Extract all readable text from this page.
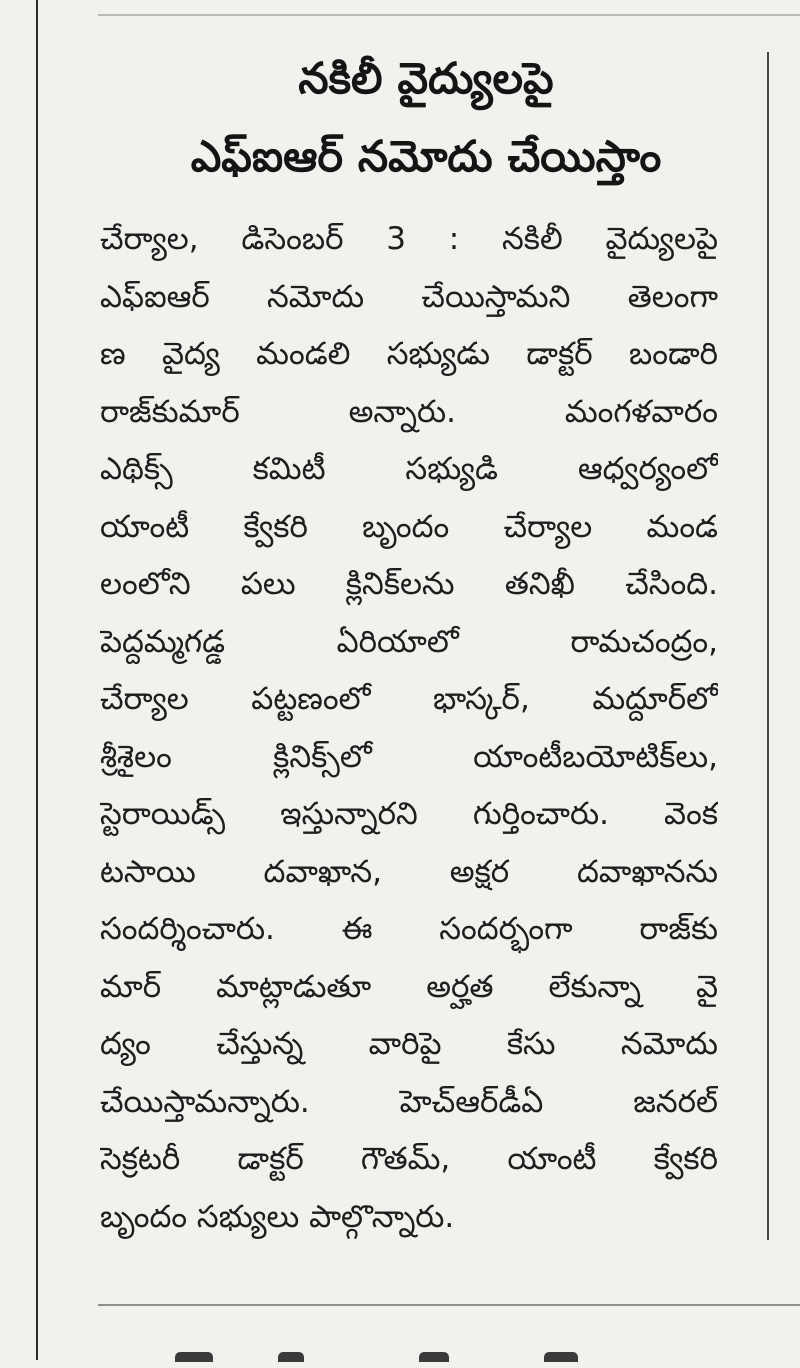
నకిలీ వైద్యులపై
ఎఫ్ఐఆర్ నమోదు చేయిస్తాం
చేర్యాల, డిసెంబర్ 3 : నకిలీ వైద్యులపై
ఎఫ్ఐఆర్ నమోదు చేయిస్తామని తెలంగా
ణ వైద్య మండలి సభ్యుడు డాక్టర్ బండారి
రాజ్‌కుమార్ అన్నారు. మంగళవారం
ఎథిక్స్ కమిటీ సభ్యుడి ఆధ్వర్యంలో
యాంటీ క్వేకరి బృందం చేర్యాల మండ
లంలోని పలు క్లినిక్‌లను తనిఖీ చేసింది.
పెద్దమ్మగడ్డ ఏరియాలో రామచంద్రం,
చేర్యాల పట్టణంలో భాస్కర్, మద్దూర్‌లో
శ్రీశైలం క్లినిక్స్‌లో యాంటీబయోటిక్‌లు,
స్టెరాయిడ్స్ ఇస్తున్నారని గుర్తించారు. వెంక
టసాయి దవాఖాన, అక్షర దవాఖానను
సందర్శించారు. ఈ సందర్భంగా రాజ్‌కు
మార్ మాట్లాడుతూ అర్హత లేకున్నా వై
ద్యం చేస్తున్న వారిపై కేసు నమోదు
చేయిస్తామన్నారు. హెచ్ఆర్‌డీఏ జనరల్
సెక్రటరీ డాక్టర్ గౌతమ్, యాంటీ క్వేకరి
బృందం సభ్యులు పాల్గొన్నారు.
